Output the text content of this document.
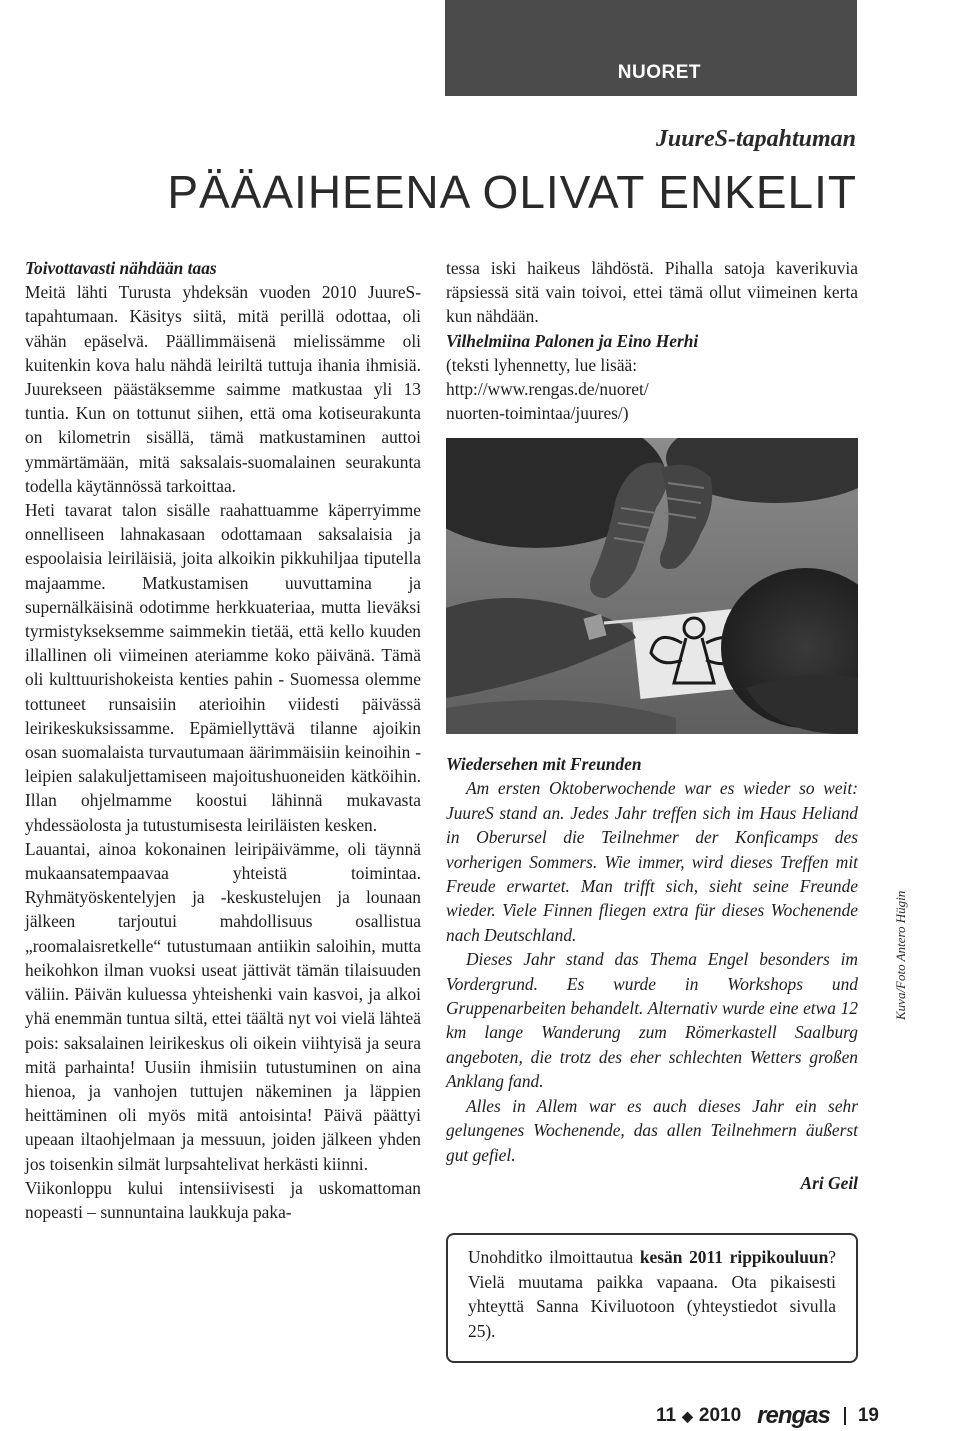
NUORET
JuureS-tapahtuman
PÄÄAIHEENA OLIVAT ENKELIT

Toivottavasti nähdään taas

Meitä lähti Turusta yhdeksän vuoden 2010 JuureS-tapahtumaan. Käsitys siitä, mitä perillä odottaa, oli vähän epäselvä. Päällimmäisenä mielissämme oli kuitenkin kova halu nähdä leiriltä tuttuja ihania ihmisiä. Juurekseen päästäksemme saimme matkustaa yli 13 tuntia. Kun on tottunut siihen, että oma kotiseurakunta on kilometrin sisällä, tämä matkustaminen auttoi ymmärtämään, mitä saksalais-suomalainen seurakunta todella käytännössä tarkoittaa.

Heti tavarat talon sisälle raahattuamme käperryimme onnelliseen lahnakasaan odottamaan saksalaisia ja espoolaisia leiriläisiä, joita alkoikin pikkuhiljaa tiputella majaamme. Matkustamisen uuvuttamina ja supernälkäisinä odotimme herkkuateriaa, mutta lieväksi tyrmistykseksemme saimmekin tietää, että kello kuuden illallinen oli viimeinen ateriamme koko päivänä. Tämä oli kulttuurishokeista kenties pahin - Suomessa olemme tottuneet runsaisiin aterioihin viidesti päivässä leirikeskuksissamme. Epämiellyttävä tilanne ajoikin osan suomalaista turvautumaan äärimmäisiin keinoihin - leipien salakuljettamiseen majoitushuoneiden kätköihin. Illan ohjelmamme koostui lähinnä mukavasta yhdessäolosta ja tutustumisesta leiriläisten kesken.

Lauantai, ainoa kokonainen leiripäivämme, oli täynnä mukaansatempaavaa yhteistä toimintaa. Ryhmätyöskentelyjen ja -keskustelujen ja lounaan jälkeen tarjoutui mahdollisuus osallistua „roomalaisretkelle“ tutustumaan antiikin saloihin, mutta heikohkon ilman vuoksi useat jättivät tämän tilaisuuden väliin. Päivän kuluessa yhteishenki vain kasvoi, ja alkoi yhä enemmän tuntua siltä, ettei täältä nyt voi vielä lähteä pois: saksalainen leirikeskus oli oikein viihtyisä ja seura mitä parhainta! Uusiin ihmisiin tutustuminen on aina hienoa, ja vanhojen tuttujen näkeminen ja läppien heittäminen oli myös mitä antoisinta! Päivä päättyi upeaan iltaohjelmaan ja messuun, joiden jälkeen yhden jos toisenkin silmät lurpsahtelivat herkästi kiinni.

Viikonloppu kului intensiivisesti ja uskomattoman nopeasti – sunnuntaina laukkuja paka-

tessa iski haikeus lähdöstä. Pihalla satoja kaverikuvia räpsiessä sitä vain toivoi, ettei tämä ollut viimeinen kerta kun nähdään.

Vilhelmiina Palonen ja Eino Herhi

(teksti lyhennetty, lue lisää:

http://www.rengas.de/nuoret/

nuorten-toimintaa/juures/)

Wiedersehen mit Freunden

Am ersten Oktoberwochende war es wieder so weit: JuureS stand an. Jedes Jahr treffen sich im Haus Heliand in Oberursel die Teilnehmer der Konficamps des vorherigen Sommers. Wie immer, wird dieses Treffen mit Freude erwartet. Man trifft sich, sieht seine Freunde wieder. Viele Finnen fliegen extra für dieses Wochenende nach Deutschland.

Dieses Jahr stand das Thema Engel besonders im Vordergrund. Es wurde in Workshops und Gruppenarbeiten behandelt. Alternativ wurde eine etwa 12 km lange Wanderung zum Römerkastell Saalburg angeboten, die trotz des eher schlechten Wetters großen Anklang fand.

Alles in Allem war es auch dieses Jahr ein sehr gelungenes Wochenende, das allen Teilnehmern äußerst gut gefiel.

Ari Geil

Kuva/Foto Antero Hügin

Unohditko ilmoittautua kesän 2011 rippikouluun? Vielä muutama paikka vapaana. Ota pikaisesti yhteyttä Sanna Kiviluotoon (yhteystiedot sivulla 25).

11 ◆ 2010 rengas 19
